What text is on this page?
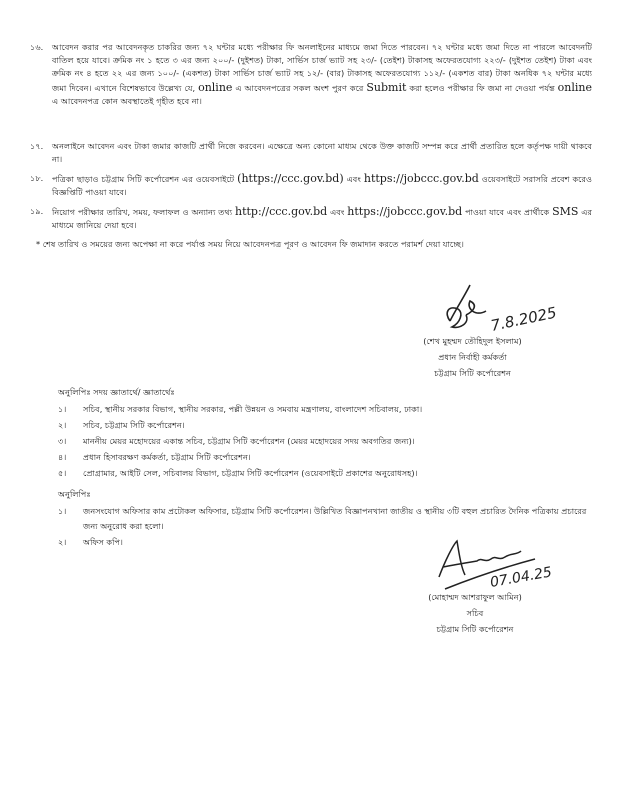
১৬.	আবেদন করার পর আবেদনকৃত চাকরির জন্য ৭২ ঘন্টার মধ্যে পরীক্ষার ফি অনলাইনের মাধ্যমে জমা দিতে পারবেন। ৭২ ঘন্টার মধ্যে জমা দিতে না পারলে আবেদনটি বাতিল হয়ে যাবে। ক্রমিক নং ১ হতে ৩ এর জন্য ২০০/- (দুইশত) টাকা, সার্ভিস চার্জ ভ্যাট সহ ২৩/- (তেইশ) টাকাসহ অফেরতযোগ্য ২২৩/- (দুইশত তেইশ) টাকা এবং ক্রমিক নং ৪ হতে ২২ এর জন্য ১০০/- (একশত) টাকা সার্ভিস চার্জ ভ্যাট সহ ১২/- (বার) টাকাসহ অফেরতযোগ্য ১১২/- (একশত বার) টাকা অনধিক ৭২ ঘন্টার মধ্যে জমা দিবেন। এখানে বিশেষভাবে উল্লেখ্য যে, online এ আবেদনপত্রের সকল অংশ পুরণ করে Submit করা হলেও পরীক্ষার ফি জমা না দেওয়া পর্যন্ত online এ আবেদনপত্র কোন অবস্থাতেই গৃহীত হবে না।
১৭.	অনলাইনে আবেদন এবং টাকা জমার কাজটি প্রার্থী নিজে করবেন। এক্ষেত্রে অন্য কোনো মাধ্যম থেকে উক্ত কাজটি সম্পন্ন করে প্রার্থী প্রতারিত হলে কর্তৃপক্ষ দায়ী থাকবে না।
১৮.	পত্রিকা ছাড়াও চট্টগ্রাম সিটি কর্পোরেশন এর ওয়েবসাইটে (https://ccc.gov.bd) এবং https://jobccc.gov.bd ওয়েবসাইটে সরাসরি প্রবেশ করেও বিজ্ঞপ্তিটি পাওয়া যাবে।
১৯.	নিয়োগ পরীক্ষার তারিখ, সময়, ফলাফল ও অন্যান্য তথ্য http://ccc.gov.bd এবং https://jobccc.gov.bd পাওয়া যাবে এবং প্রার্থীকে SMS এর মাধ্যমে জানিয়ে দেয়া হবে।
* শেষ তারিখ ও সময়ের জন্য অপেক্ষা না করে পর্যাপ্ত সময় নিয়ে আবেদনপত্র পূরণ ও আবেদন ফি জমাদান করতে পরামর্শ দেয়া যাচ্ছে।
7.8.2025
(শেখ মুহম্মদ তৌহিদুল ইসলাম)
প্রধান নির্বাহী কর্মকর্তা
চট্টগ্রাম সিটি কর্পোরেশন
অনুলিপিঃ সদয় জ্ঞাতার্থে/ জ্ঞাতার্থেঃ
১।	সচিব, স্থানীয় সরকার বিভাগ, স্থানীয় সরকার, পল্লী উন্নয়ন ও সমবায় মন্ত্রণালয়, বাংলাদেশ সচিবালয়, ঢাকা।
২।	সচিব, চট্টগ্রাম সিটি কর্পোরেশন।
৩।	মাননীয় মেয়র মহোদয়ের একান্ত সচিব, চট্টগ্রাম সিটি কর্পোরেশন (মেয়র মহোদয়ের সদয় অবগতির জন্য)।
৪।	প্রধান হিসাবরক্ষণ কর্মকর্তা, চট্টগ্রাম সিটি কর্পোরেশন।
৫।	প্রোগ্রামার, আইটি সেল, সচিবালয় বিভাগ, চট্টগ্রাম সিটি কর্পোরেশন (ওয়েবসাইটে প্রকাশের অনুরোধসহ)।
অনুলিপিঃ
১।	জনসংযোগ অফিসার কাম প্রটোকল অফিসার, চট্টগ্রাম সিটি কর্পোরেশন। উল্লিখিত বিজ্ঞাপনখানা জাতীয় ও স্থানীয় ৩টি বহুল প্রচারিত দৈনিক পত্রিকায় প্রচারের জন্য অনুরোধ করা হলো।
২।	অফিস কপি।
07.04.25
(মোহাম্মদ আশরাফুল আমিন)
সচিব
চট্টগ্রাম সিটি কর্পোরেশন
